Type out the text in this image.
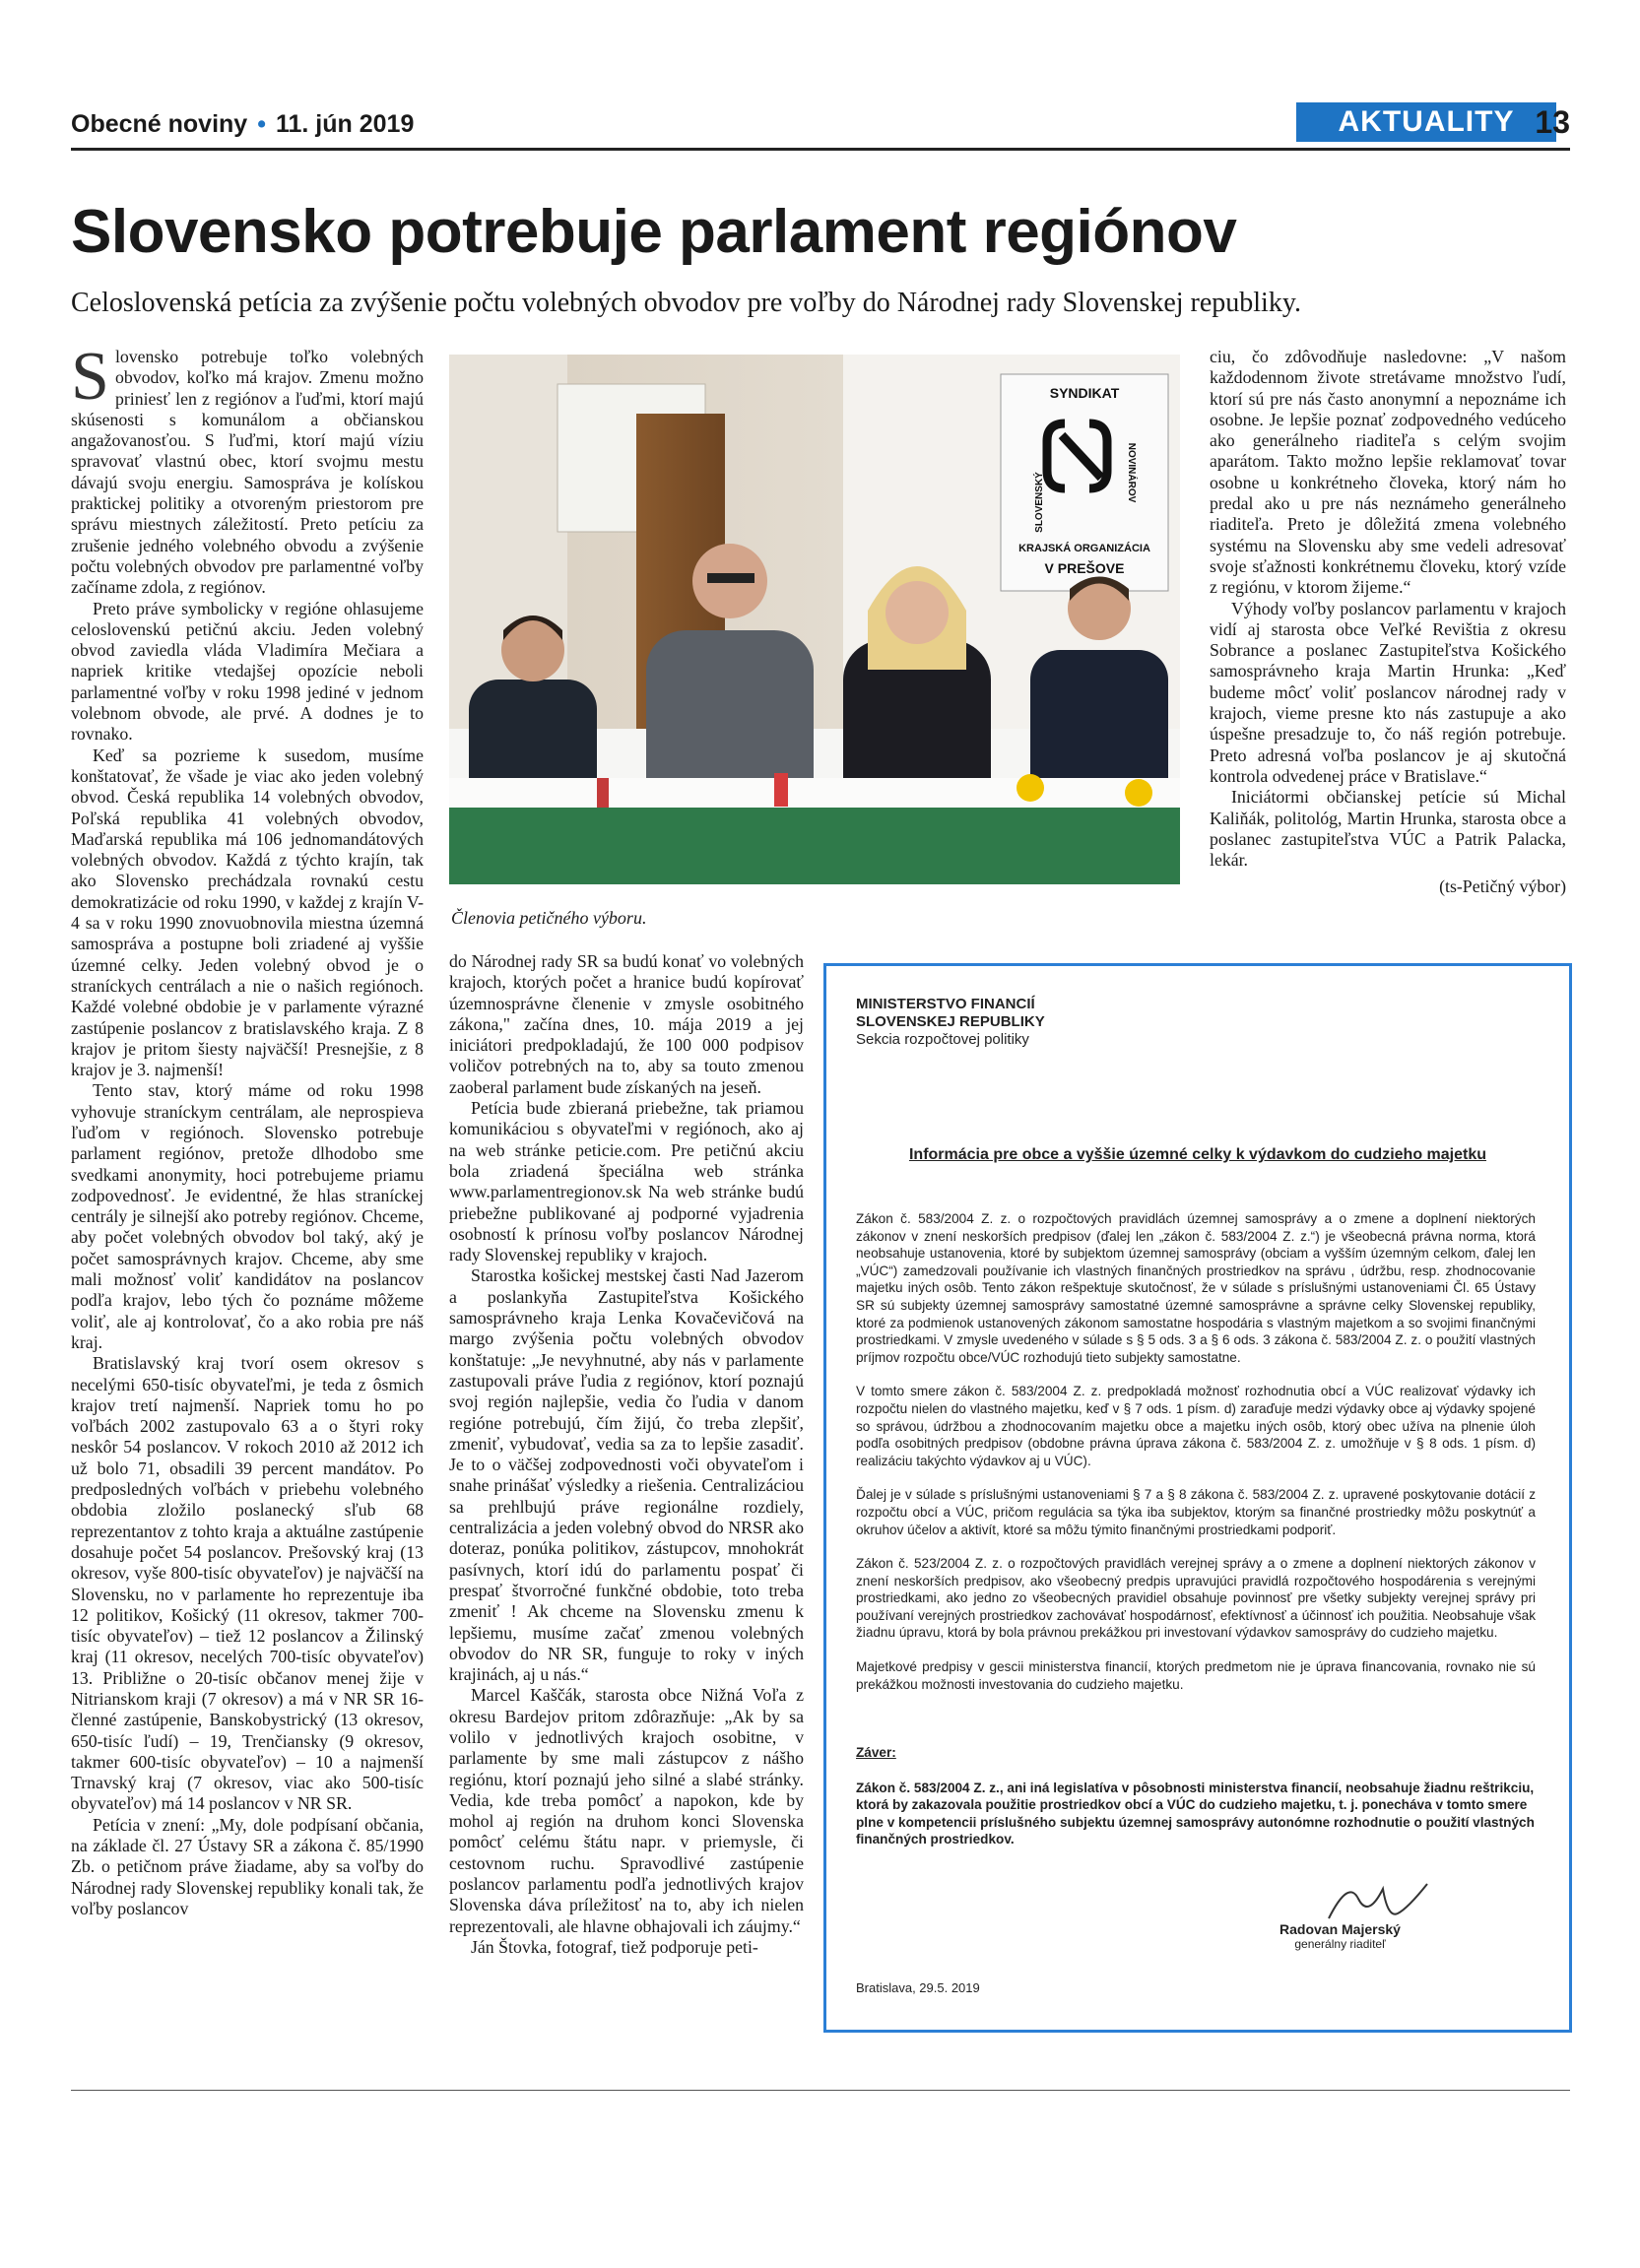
Obecné noviny • 11. jún 2019	AKTUALITY 13
Slovensko potrebuje parlament regiónov

Celoslovenská petícia za zvýšenie počtu volebných obvodov pre voľby do Národnej rady Slovenskej republiky.

Slovensko potrebuje toľko volebných obvodov, koľko má krajov. Zmenu možno priniesť len z regiónov a ľuďmi, ktorí majú skúsenosti s komunálom a občianskou angažovanosťou. S ľuďmi, ktorí majú víziu spravovať vlastnú obec, ktorí svojmu mestu dávajú svoju energiu. Samospráva je kolískou praktickej politiky a otvoreným priestorom pre správu miestnych záležitostí. Preto petíciu za zrušenie jedného volebného obvodu a zvýšenie počtu volebných obvodov pre parlamentné voľby začíname zdola, z regiónov.

Preto práve symbolicky v regióne ohlasujeme celoslovenskú petičnú akciu. Jeden volebný obvod zaviedla vláda Vladimíra Mečiara a napriek kritike vtedajšej opozície neboli parlamentné voľby v roku 1998 jediné v jednom volebnom obvode, ale prvé. A dodnes je to rovnako.

Keď sa pozrieme k susedom, musíme konštatovať, že všade je viac ako jeden volebný obvod. Česká republika 14 volebných obvodov, Poľská republika 41 volebných obvodov, Maďarská republika má 106 jednomandátových volebných obvodov. Každá z týchto krajín, tak ako Slovensko prechádzala rovnakú cestu demokratizácie od roku 1990, v každej z krajín V-4 sa v roku 1990 znovuobnovila miestna územná samospráva a postupne boli zriadené aj vyššie územné celky. Jeden volebný obvod je o straníckych centrálach a nie o našich regiónoch. Každé volebné obdobie je v parlamente výrazné zastúpenie poslancov z bratislavského kraja. Z 8 krajov je pritom šiesty najväčší! Presnejšie, z 8 krajov je 3. najmenší!

Tento stav, ktorý máme od roku 1998 vyhovuje straníckym centrálam, ale neprospieva ľuďom v regiónoch. Slovensko potrebuje parlament regiónov, pretože dlhodobo sme svedkami anonymity, hoci potrebujeme priamu zodpovednosť. Je evidentné, že hlas straníckej centrály je silnejší ako potreby regiónov. Chceme, aby počet volebných obvodov bol taký, aký je počet samosprávnych krajov. Chceme, aby sme mali možnosť voliť kandidátov na poslancov podľa krajov, lebo tých čo poznáme môžeme voliť, ale aj kontrolovať, čo a ako robia pre náš kraj.

Bratislavský kraj tvorí osem okresov s necelými 650-tisíc obyvateľmi, je teda z ôsmich krajov tretí najmenší. Napriek tomu ho po voľbách 2002 zastupovalo 63 a o štyri roky neskôr 54 poslancov. V rokoch 2010 až 2012 ich už bolo 71, obsadili 39 percent mandátov. Po predposledných voľbách v priebehu volebného obdobia zložilo poslanecký sľub 68 reprezentantov z tohto kraja a aktuálne zastúpenie dosahuje počet 54 poslancov. Prešovský kraj (13 okresov, vyše 800-tisíc obyvateľov) je najväčší na Slovensku, no v parlamente ho reprezentuje iba 12 politikov, Košický (11 okresov, takmer 700-tisíc obyvateľov) – tiež 12 poslancov a Žilinský kraj (11 okresov, necelých 700-tisíc obyvateľov) 13. Približne o 20-tisíc občanov menej žije v Nitrianskom kraji (7 okresov) a má v NR SR 16-členné zastúpenie, Banskobystrický (13 okresov, 650-tisíc ľudí) – 19, Trenčiansky (9 okresov, takmer 600-tisíc obyvateľov) – 10 a najmenší Trnavský kraj (7 okresov, viac ako 500-tisíc obyvateľov) má 14 poslancov v NR SR.

Petícia v znení: „My, dole podpísaní občania, na základe čl. 27 Ústavy SR a zákona č. 85/1990 Zb. o petičnom práve žiadame, aby sa voľby do Národnej rady Slovenskej republiky konali tak, že voľby poslancov

SYNDIKAT
SLOVENSKÝ	NOVINÁROV
KRAJSKÁ ORGANIZÁCIA
V PREŠOVE
Členovia petičného výboru.

do Národnej rady SR sa budú konať vo volebných krajoch, ktorých počet a hranice budú kopírovať územnosprávne členenie v zmysle osobitného zákona," začína dnes, 10. mája 2019 a jej iniciátori predpokladajú, že 100 000 podpisov voličov potrebných na to, aby sa touto zmenou zaoberal parlament bude získaných na jeseň.

Petícia bude zbieraná priebežne, tak priamou komunikáciou s obyvateľmi v regiónoch, ako aj na web stránke peticie.com. Pre petičnú akciu bola zriadená špeciálna web stránka www.parlamentregionov.sk Na web stránke budú priebežne publikované aj podporné vyjadrenia osobností k prínosu voľby poslancov Národnej rady Slovenskej republiky v krajoch.

Starostka košickej mestskej časti Nad Jazerom a poslankyňa Zastupiteľstva Košického samosprávneho kraja Lenka Kovačevičová na margo zvýšenia počtu volebných obvodov konštatuje: „Je nevyhnutné, aby nás v parlamente zastupovali práve ľudia z regiónov, ktorí poznajú svoj región najlepšie, vedia čo ľudia v danom regióne potrebujú, čím žijú, čo treba zlepšiť, zmeniť, vybudovať, vedia sa za to lepšie zasadiť. Je to o väčšej zodpovednosti voči obyvateľom i snahe prinášať výsledky a riešenia. Centralizáciou sa prehlbujú práve regionálne rozdiely, centralizácia a jeden volebný obvod do NRSR ako doteraz, ponúka politikov, zástupcov, mnohokrát pasívnych, ktorí idú do parlamentu pospať či prespať štvorročné funkčné obdobie, toto treba zmeniť ! Ak chceme na Slovensku zmenu k lepšiemu, musíme začať zmenou volebných obvodov do NR SR, funguje to roky v iných krajinách, aj u nás.“

Marcel Kaščák, starosta obce Nižná Voľa z okresu Bardejov pritom zdôrazňuje: „Ak by sa volilo v jednotlivých krajoch osobitne, v parlamente by sme mali zástupcov z nášho regiónu, ktorí poznajú jeho silné a slabé stránky. Vedia, kde treba pomôcť a napokon, kde by mohol aj región na druhom konci Slovenska pomôcť celému štátu napr. v priemysle, či cestovnom ruchu. Spravodlivé zastúpenie poslancov parlamentu podľa jednotlivých krajov Slovenska dáva príležitosť na to, aby ich nielen reprezentovali, ale hlavne obhajovali ich záujmy.“

Ján Štovka, fotograf, tiež podporuje peti-

ciu, čo zdôvodňuje nasledovne: „V našom každodennom živote stretávame množstvo ľudí, ktorí sú pre nás často anonymní a nepoznáme ich osobne. Je lepšie poznať zodpovedného vedúceho ako generálneho riaditeľa s celým svojim aparátom. Takto možno lepšie reklamovať tovar osobne u konkrétneho človeka, ktorý nám ho predal ako u pre nás neznámeho generálneho riaditeľa. Preto je dôležitá zmena volebného systému na Slovensku aby sme vedeli adresovať svoje sťažnosti konkrétnemu človeku, ktorý vzíde z regiónu, v ktorom žijeme.“

Výhody voľby poslancov parlamentu v krajoch vidí aj starosta obce Veľké Revištia z okresu Sobrance a poslanec Zastupiteľstva Košického samosprávneho kraja Martin Hrunka: „Keď budeme môcť voliť poslancov národnej rady v krajoch, vieme presne kto nás zastupuje a ako úspešne presadzuje to, čo náš región potrebuje. Preto adresná voľba poslancov je aj skutočná kontrola odvedenej práce v Bratislave.“

Iniciátormi občianskej petície sú Michal Kaliňák, politológ, Martin Hrunka, starosta obce a poslanec zastupiteľstva VÚC a Patrik Palacka, lekár.

(ts-Petičný výbor)

MINISTERSTVO FINANCIÍ
SLOVENSKEJ REPUBLIKY
Sekcia rozpočtovej politiky
Informácia pre obce a vyššie územné celky k výdavkom do cudzieho majetku

Zákon č. 583/2004 Z. z. o rozpočtových pravidlách územnej samosprávy a o zmene a doplnení niektorých zákonov v znení neskorších predpisov (ďalej len „zákon č. 583/2004 Z. z.“) je všeobecná právna norma, ktorá neobsahuje ustanovenia, ktoré by subjektom územnej samosprávy (obciam a vyšším územným celkom, ďalej len „VÚC“) zamedzovali používanie ich vlastných finančných prostriedkov na správu , údržbu, resp. zhodnocovanie majetku iných osôb. Tento zákon rešpektuje skutočnosť, že v súlade s príslušnými ustanoveniami Čl. 65 Ústavy SR sú subjekty územnej samosprávy samostatné územné samosprávne a správne celky Slovenskej republiky, ktoré za podmienok ustanovených zákonom samostatne hospodária s vlastným majetkom a so svojimi finančnými prostriedkami. V zmysle uvedeného v súlade s § 5 ods. 3 a § 6 ods. 3 zákona č. 583/2004 Z. z. o použití vlastných príjmov rozpočtu obce/VÚC rozhodujú tieto subjekty samostatne.

V tomto smere zákon č. 583/2004 Z. z. predpokladá možnosť rozhodnutia obcí a VÚC realizovať výdavky ich rozpočtu nielen do vlastného majetku, keď v § 7 ods. 1 písm. d) zaraďuje medzi výdavky obce aj výdavky spojené so správou, údržbou a zhodnocovaním majetku obce a majetku iných osôb, ktorý obec užíva na plnenie úloh podľa osobitných predpisov (obdobne právna úprava zákona č. 583/2004 Z. z. umožňuje v § 8 ods. 1 písm. d) realizáciu takýchto výdavkov aj u VÚC).

Ďalej je v súlade s príslušnými ustanoveniami § 7 a § 8 zákona č. 583/2004 Z. z. upravené poskytovanie dotácií z rozpočtu obcí a VÚC, pričom regulácia sa týka iba subjektov, ktorým sa finančné prostriedky môžu poskytnúť a okruhov účelov a aktivít, ktoré sa môžu týmito finančnými prostriedkami podporiť.

Zákon č. 523/2004 Z. z. o rozpočtových pravidlách verejnej správy a o zmene a doplnení niektorých zákonov v znení neskorších predpisov, ako všeobecný predpis upravujúci pravidlá rozpočtového hospodárenia s verejnými prostriedkami, ako jedno zo všeobecných pravidiel obsahuje povinnosť pre všetky subjekty verejnej správy pri používaní verejných prostriedkov zachovávať hospodárnosť, efektívnosť a účinnosť ich použitia. Neobsahuje však žiadnu úpravu, ktorá by bola právnou prekážkou pri investovaní výdavkov samosprávy do cudzieho majetku.

Majetkové predpisy v gescii ministerstva financií, ktorých predmetom nie je úprava financovania, rovnako nie sú prekážkou možnosti investovania do cudzieho majetku.

Záver:
Zákon č. 583/2004 Z. z., ani iná legislatíva v pôsobnosti ministerstva financií, neobsahuje žiadnu reštrikciu, ktorá by zakazovala použitie prostriedkov obcí a VÚC do cudzieho majetku, t. j. ponecháva v tomto smere plne v kompetencii príslušného subjektu územnej samosprávy autonómne rozhodnutie o použití vlastných finančných prostriedkov.
Radovan Majerský
generálny riaditeľ
Bratislava, 29.5. 2019
